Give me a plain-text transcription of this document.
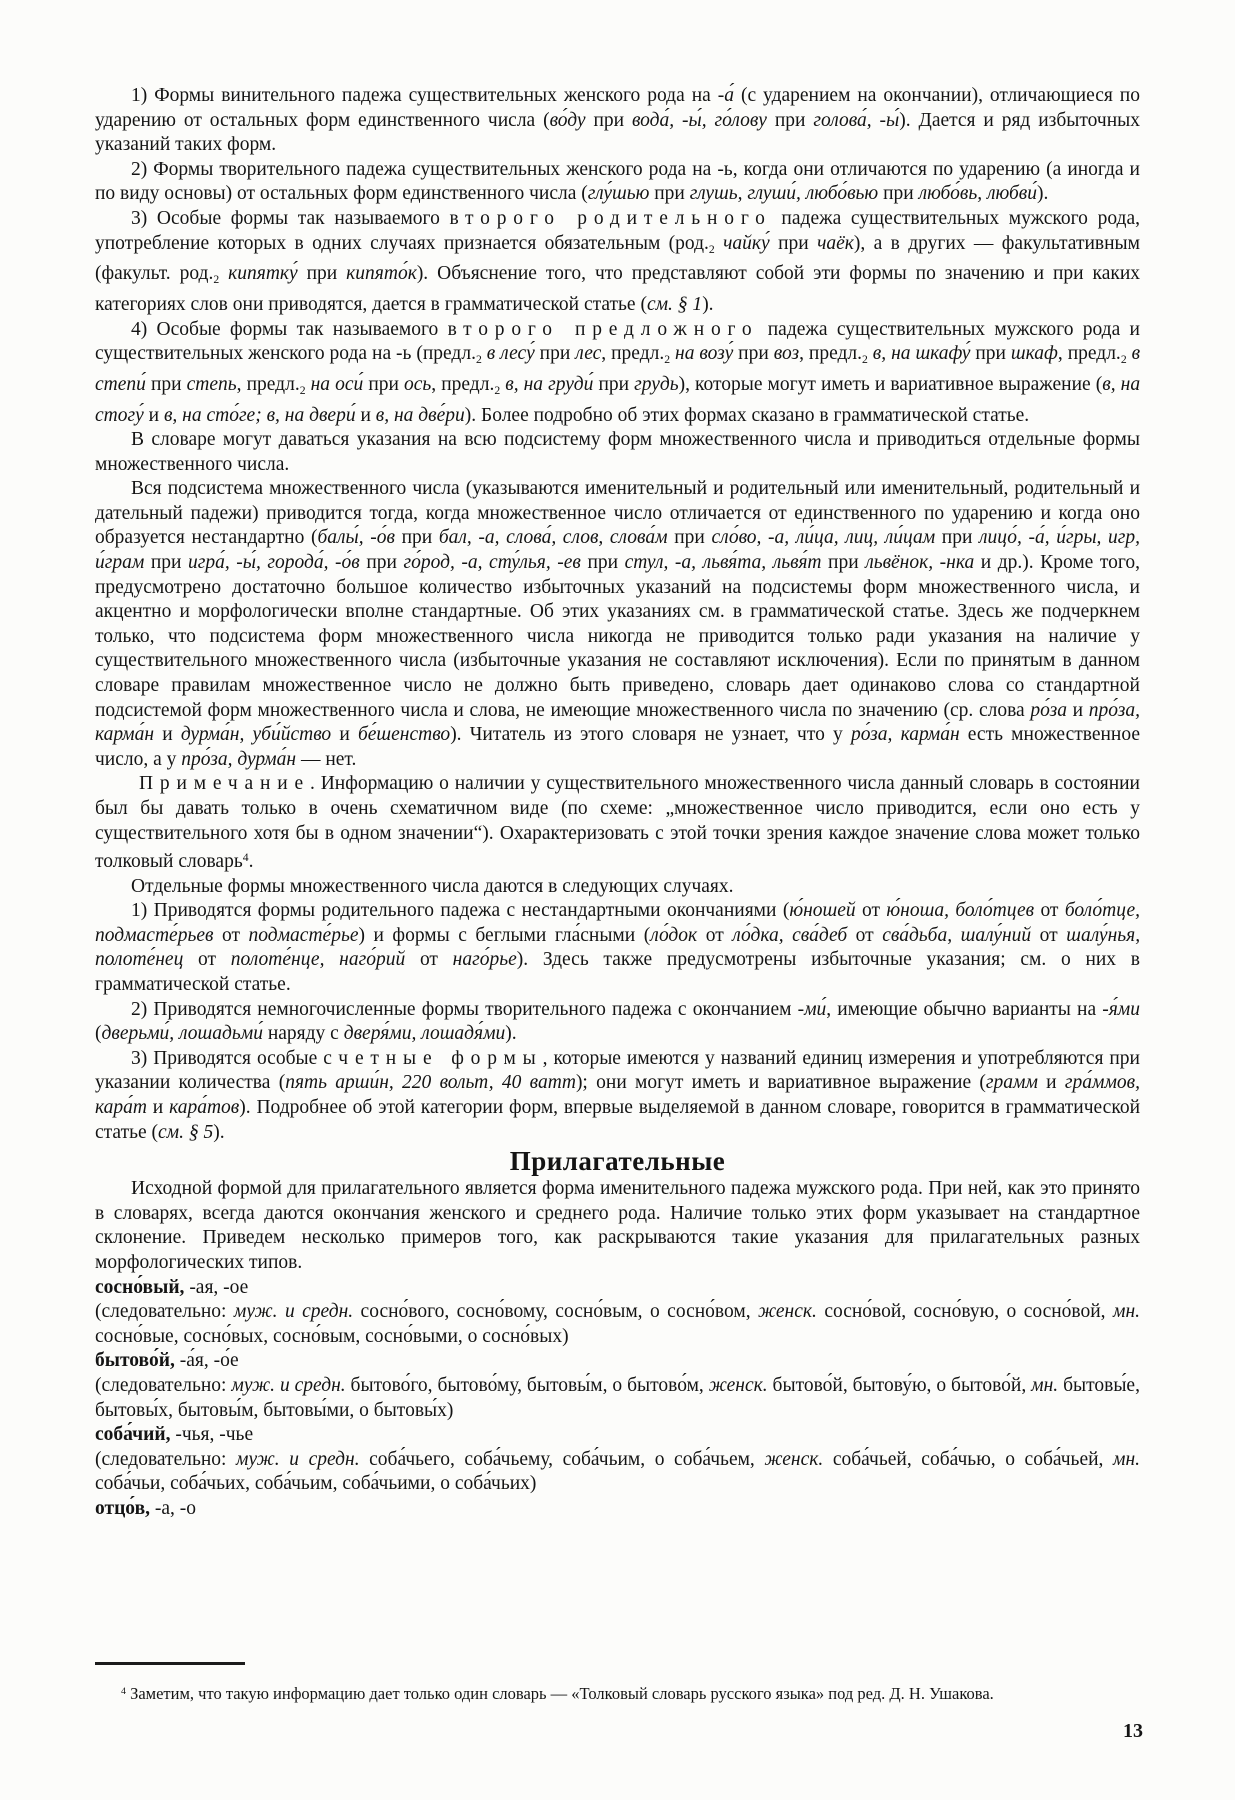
1) Формы винительного падежа существительных женского рода на -а́ (с ударением на окончании), отличающиеся по ударению от остальных форм единственного числа (во́ду при вода́, -ы́, го́лову при голова́, -ы́). Дается и ряд избыточных указаний таких форм.

2) Формы творительного падежа существительных женского рода на -ь, когда они отличаются по ударению (а иногда и по виду основы) от остальных форм единственного числа (глу́шью при глушь, глуши́, любо́вью при любо́вь, любви́).

3) Особые формы так называемого второго родительного падежа существительных мужского рода, употребление которых в одних случаях признается обязательным ($род._2$ чайку́ при чаёк), а в других — факультативным (факульт. $род._2$ кипятку́ при кипято́к). Объяснение того, что представляют собой эти формы по значению и при каких категориях слов они приводятся, дается в грамматической статье (см. § 1).

4) Особые формы так называемого второго предложного падежа существительных мужского рода и существительных женского рода на -ь ($предл._2$ в лесу́ при лес, $предл._2$ на возу́ при воз, $предл._2$ в, на шкафу́ при шкаф, $предл._2$ в степи́ при степь, $предл._2$ на оси́ при ось, $предл._2$ в, на груди́ при грудь), которые могут иметь и вариативное выражение (в, на стогу́ и в, на сто́ге; в, на двери́ и в, на две́ри). Более подробно об этих формах сказано в грамматической статье.

В словаре могут даваться указания на всю подсистему форм множественного числа и приводиться отдельные формы множественного числа.

Вся подсистема множественного числа (указываются именительный и родительный или именительный, родительный и дательный падежи) приводится тогда, когда множественное число отличается от единственного по ударению и когда оно образуется нестандартно (балы́, -о́в при бал, -а, слова́, слов, слова́м при сло́во, -а, ли́ца, лиц, ли́цам при лицо́, -а́, и́гры, игр, и́грам при игра́, -ы́, города́, -о́в при го́род, -а, сту́лья, -ев при стул, -а, львя́та, львя́т при львёнок, -нка и др.). Кроме того, предусмотрено достаточно большое количество избыточных указаний на подсистемы форм множественного числа, и акцентно и морфологически вполне стандартные. Об этих указаниях см. в грамматической статье. Здесь же подчеркнем только, что подсистема форм множественного числа никогда не приводится только ради указания на наличие у существительного множественного числа (избыточные указания не составляют исключения). Если по принятым в данном словаре правилам множественное число не должно быть приведено, словарь дает одинаково слова со стандартной подсистемой форм множественного числа и слова, не имеющие множественного числа по значению (ср. слова ро́за и про́за, карма́н и дурма́н, уби́йство и бе́шенство). Читатель из этого словаря не узнает, что у ро́за, карма́н есть множественное число, а у про́за, дурма́н — нет.

Примечание. Информацию о наличии у существительного множественного числа данный словарь в состоянии был бы давать только в очень схематичном виде (по схеме: „множественное число приводится, если оно есть у существительного хотя бы в одном значении“). Охарактеризовать с этой точки зрения каждое значение слова может только толковый словарь$^4$.

Отдельные формы множественного числа даются в следующих случаях.

1) Приводятся формы родительного падежа с нестандартными окончаниями (ю́ношей от ю́ноша, боло́тцев от боло́тце, подмасте́рьев от подмасте́рье) и формы с беглыми гла́сными (ло́док от ло́дка, сва́деб от сва́дьба, шалу́ний от шалу́нья, полоте́нец от полоте́нце, наго́рий от наго́рье). Здесь также предусмотрены избыточные указания; см. о них в грамматической статье.

2) Приводятся немногочисленные формы творительного падежа с окончанием -ми́, имеющие обычно варианты на -я́ми (дверьми́, лошадьми́ наряду с дверя́ми, лошадя́ми).

3) Приводятся особые счетные формы, которые имеются у названий единиц измерения и употребляются при указании количества (пять арши́н, 220 вольт, 40 ватт); они могут иметь и вариативное выражение (грамм и гра́ммов, кара́т и кара́тов). Подробнее об этой категории форм, впервые выделяемой в данном словаре, говорится в грамматической статье (см. § 5).

Прилагательные

Исходной формой для прилагательного является форма именительного падежа мужского рода. При ней, как это принято в словарях, всегда даются окончания женского и среднего рода. Наличие только этих форм указывает на стандартное склонение. Приведем несколько примеров того, как раскрываются такие указания для прилагательных разных морфологических типов.

сосно́вый, -ая, -ое

(следовательно: муж. и средн. сосно́вого, сосно́вому, сосно́вым, о сосно́вом, женск. сосно́вой, сосно́вую, о сосно́вой, мн. сосно́вые, сосно́вых, сосно́вым, сосно́выми, о сосно́вых)

бытово́й, -а́я, -о́е

(следовательно: муж. и средн. бытово́го, бытово́му, бытовы́м, о бытово́м, женск. бытово́й, бытову́ю, о бытово́й, мн. бытовы́е, бытовы́х, бытовы́м, бытовы́ми, о бытовы́х)

соба́чий, -чья, -чье

(следовательно: муж. и средн. соба́чьего, соба́чьему, соба́чьим, о соба́чьем, женск. соба́чьей, соба́чью, о соба́чьей, мн. соба́чьи, соба́чьих, соба́чьим, соба́чьими, о соба́чьих)

отцо́в, -а, -о

$^4$ Заметим, что такую информацию дает только один словарь — «Толковый словарь русского языка» под ред. Д. Н. Ушакова.

13
